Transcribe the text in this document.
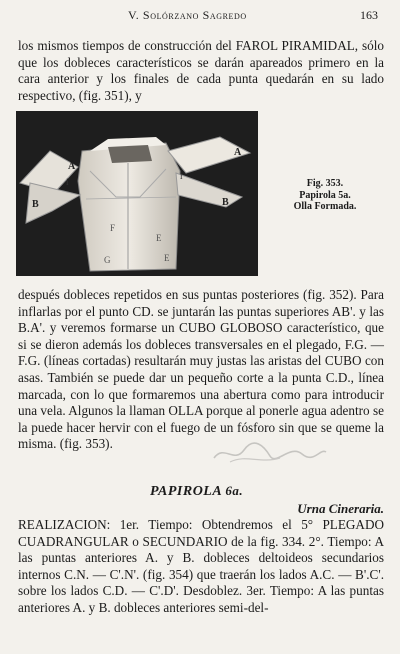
V. Solórzano Sagredo	163

los mismos tiempos de construcción del FAROL PIRAMIDAL, sólo que los dobleces característicos se darán apareados primero en la cara anterior y los finales de cada punta quedarán en su lado respectivo, (fig. 351), y

B
i
i
A
B
A
F
G
E
E
Fig. 353.
Papirola 5a.
Olla Formada.

después dobleces repetidos en sus puntas posteriores (fig. 352). Para inflarlas por el punto CD. se juntarán las puntas superiores AB'. y las B.A'. y veremos formarse un CUBO GLOBOSO característico, que si se dieron además los dobleces transversales en el plegado, F.G. — F.G. (líneas cortadas) resultarán muy justas las aristas del CUBO con asas. También se puede dar un pequeño corte a la punta C.D., línea marcada, con lo que formaremos una abertura como para introducir una vela. Algunos la llaman OLLA porque al ponerle agua adentro se la puede hacer hervir con el fuego de un fósforo sin que se queme la misma. (fig. 353).

PAPIROLA 6a.
Urna Cineraria.

REALIZACION: 1er. Tiempo: Obtendremos el 5° PLEGADO CUADRANGULAR o SECUNDARIO de la fig. 334. 2°. Tiempo: A las puntas anteriores A. y B. dobleces deltoideos secundarios internos C.N. — C'.N'. (fig. 354) que traerán los lados A.C. — B'.C'. sobre los lados C.D. — C'.D'. Desdoblez. 3er. Tiempo: A las puntas anteriores A. y B. dobleces anteriores semi-del-
